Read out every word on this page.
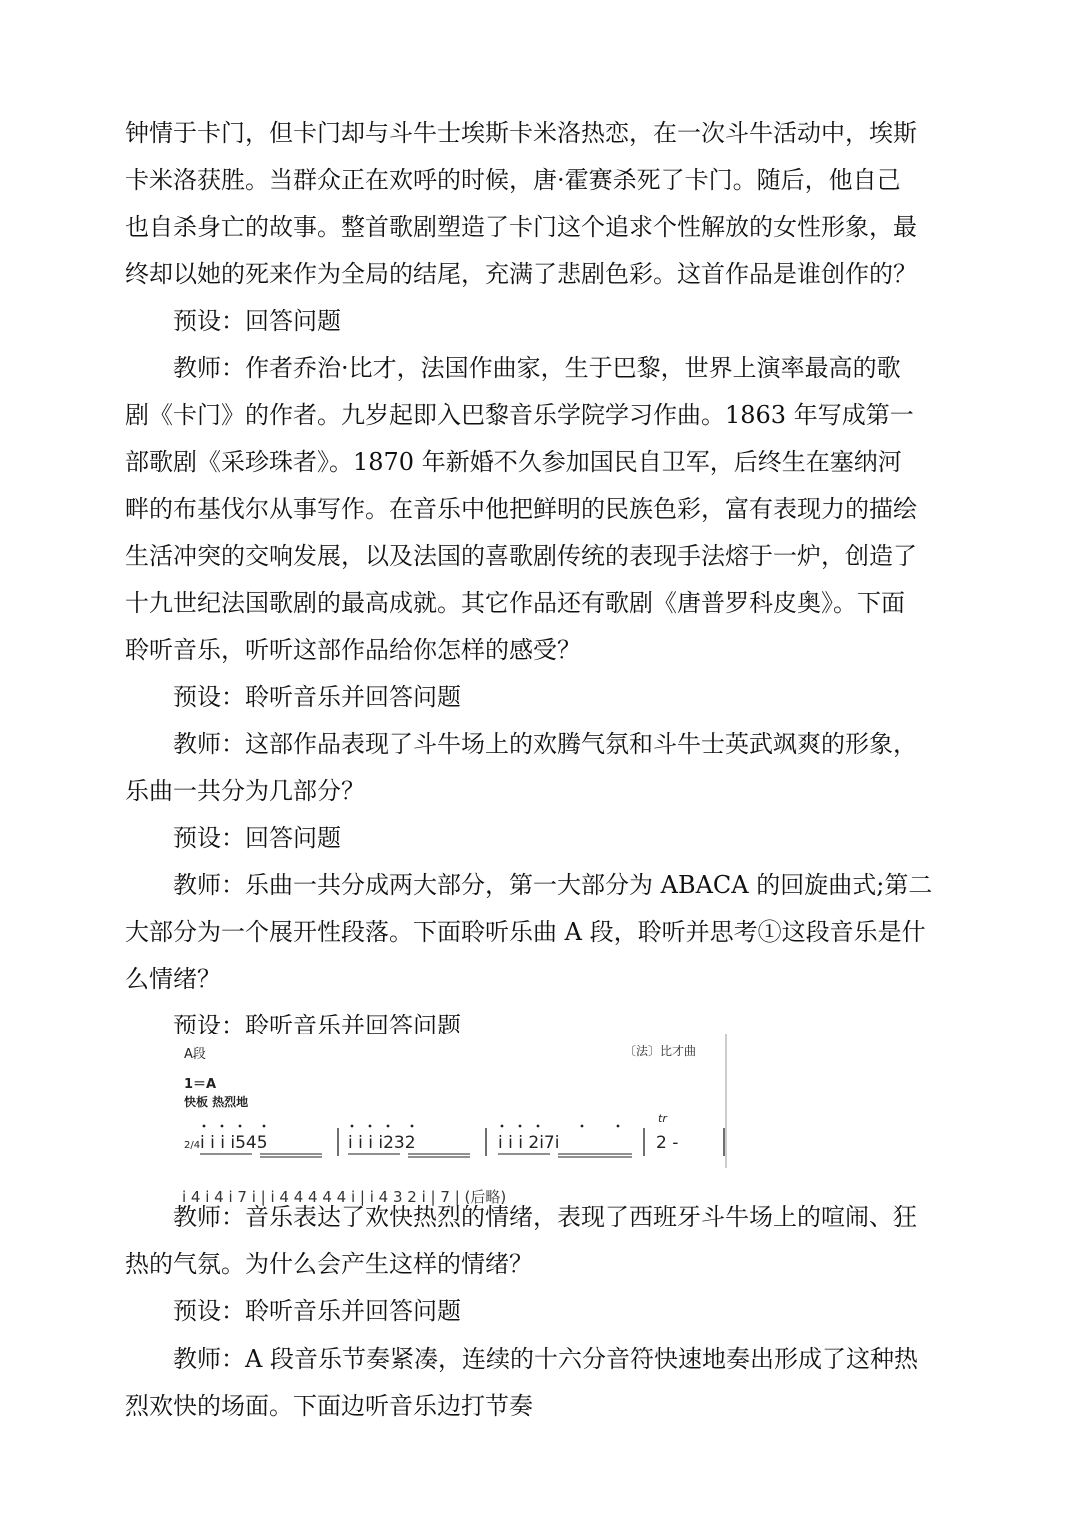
钟情于卡门，但卡门却与斗牛士埃斯卡米洛热恋，在一次斗牛活动中，埃斯
卡米洛获胜。当群众正在欢呼的时候，唐·霍赛杀死了卡门。随后，他自己
也自杀身亡的故事。整首歌剧塑造了卡门这个追求个性解放的女性形象，最
终却以她的死来作为全局的结尾，充满了悲剧色彩。这首作品是谁创作的？

　　预设：回答问题

　　教师：作者乔治·比才，法国作曲家，生于巴黎，世界上演率最高的歌
剧《卡门》的作者。九岁起即入巴黎音乐学院学习作曲。1863 年写成第一
部歌剧《采珍珠者》。1870 年新婚不久参加国民自卫军，后终生在塞纳河
畔的布基伐尔从事写作。在音乐中他把鲜明的民族色彩，富有表现力的描绘
生活冲突的交响发展，以及法国的喜歌剧传统的表现手法熔于一炉，创造了
十九世纪法国歌剧的最高成就。其它作品还有歌剧《唐普罗科皮奥》。下面
聆听音乐，听听这部作品给你怎样的感受？

　　预设：聆听音乐并回答问题

　　教师：这部作品表现了斗牛场上的欢腾气氛和斗牛士英武飒爽的形象，
乐曲一共分为几部分？

　　预设：回答问题

　　教师：乐曲一共分成两大部分，第一大部分为 ABACA 的回旋曲式;第二
大部分为一个展开性段落。下面聆听乐曲 A 段，聆听并思考①这段音乐是什
么情绪？

　　预设：聆听音乐并回答问题

A段	〔法〕比才曲
1＝A
快板 热烈地
2/4 i i i i545	i i i i232	i i i 2i7i	2 -
tr
i 4 i 4 i 7 i | i 4 4 4 4 4 i | i 4 3 2 i | 7 | (后略)

　　教师：音乐表达了欢快热烈的情绪，表现了西班牙斗牛场上的喧闹、狂
热的气氛。为什么会产生这样的情绪？

　　预设：聆听音乐并回答问题

　　教师：A 段音乐节奏紧凑，连续的十六分音符快速地奏出形成了这种热
烈欢快的场面。下面边听音乐边打节奏
